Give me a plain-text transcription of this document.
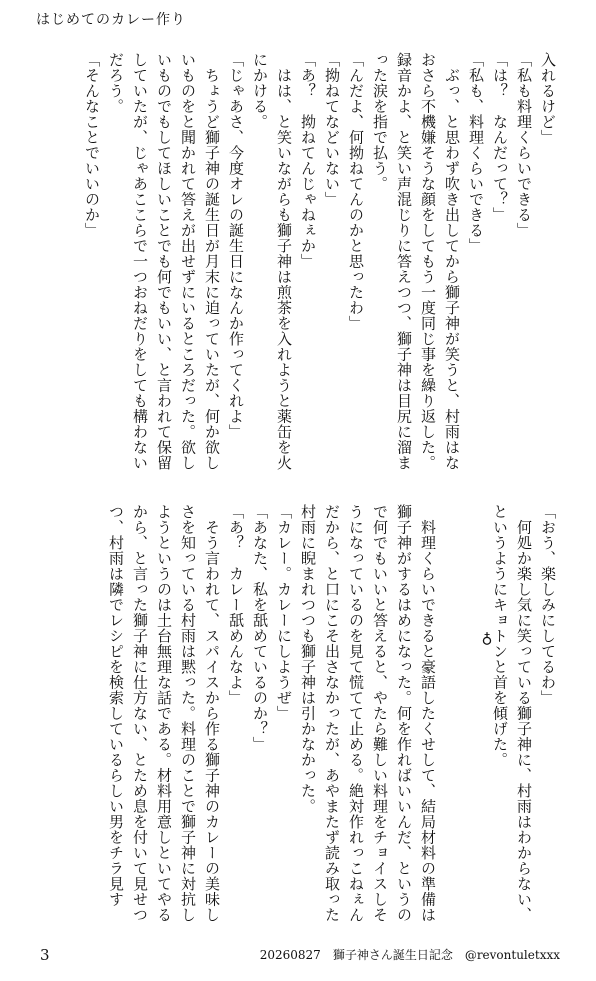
はじめてのカレー作り
入れるけど」
「私も料理くらいできる」
「は？　なんだって？」
「私も、料理くらいできる」
　ぶっ、と思わず吹き出してから獅子神が笑うと、村雨はな
おさら不機嫌そうな顔をしてもう一度同じ事を繰り返した。
録音かよ、と笑い声混じりに答えつつ、獅子神は目尻に溜ま
った涙を指で払う。
「んだよ、何拗ねてんのかと思ったわ」
「拗ねてなどいない」
「あ？　拗ねてんじゃねぇか」
　はは、と笑いながらも獅子神は煎茶を入れようと薬缶を火
にかける。
「じゃあさ、今度オレの誕生日になんか作ってくれよ」
　ちょうど獅子神の誕生日が月末に迫っていたが、何か欲し
いものをと聞かれて答えが出せずにいるところだった。欲し
いものでもしてほしいことでも何でもいい、と言われて保留
していたが、じゃあここらで一つおねだりをしても構わない
だろう。
「そんなことでいいのか」
♁	「おう、楽しみにしてるわ」
　何処か楽し気に笑っている獅子神に、村雨はわからない、
というようにキョトンと首を傾げた。

　料理くらいできると豪語したくせして、結局材料の準備は
獅子神がするはめになった。何を作ればいいんだ、というの
で何でもいいと答えると、やたら難しい料理をチョイスしそ
うになっているのを見て慌てて止める。絶対作れっこねぇん
だから、と口にこそ出さなかったが、あやまたず読み取った
村雨に睨まれつつも獅子神は引かなかった。
「カレー。カレーにしようぜ」
「あなた、私を舐めているのか？」
「あ？　カレー舐めんなよ」
　そう言われて、スパイスから作る獅子神のカレーの美味し
さを知っている村雨は黙った。料理のことで獅子神に対抗し
ようというのは土台無理な話である。材料用意しといてやる
から、と言った獅子神に仕方ない、とため息を付いて見せつ
つ、村雨は隣でレシピを検索しているらしい男をチラ見す
3	20260827　獅子神さん誕生日記念　@revontuletxxx
